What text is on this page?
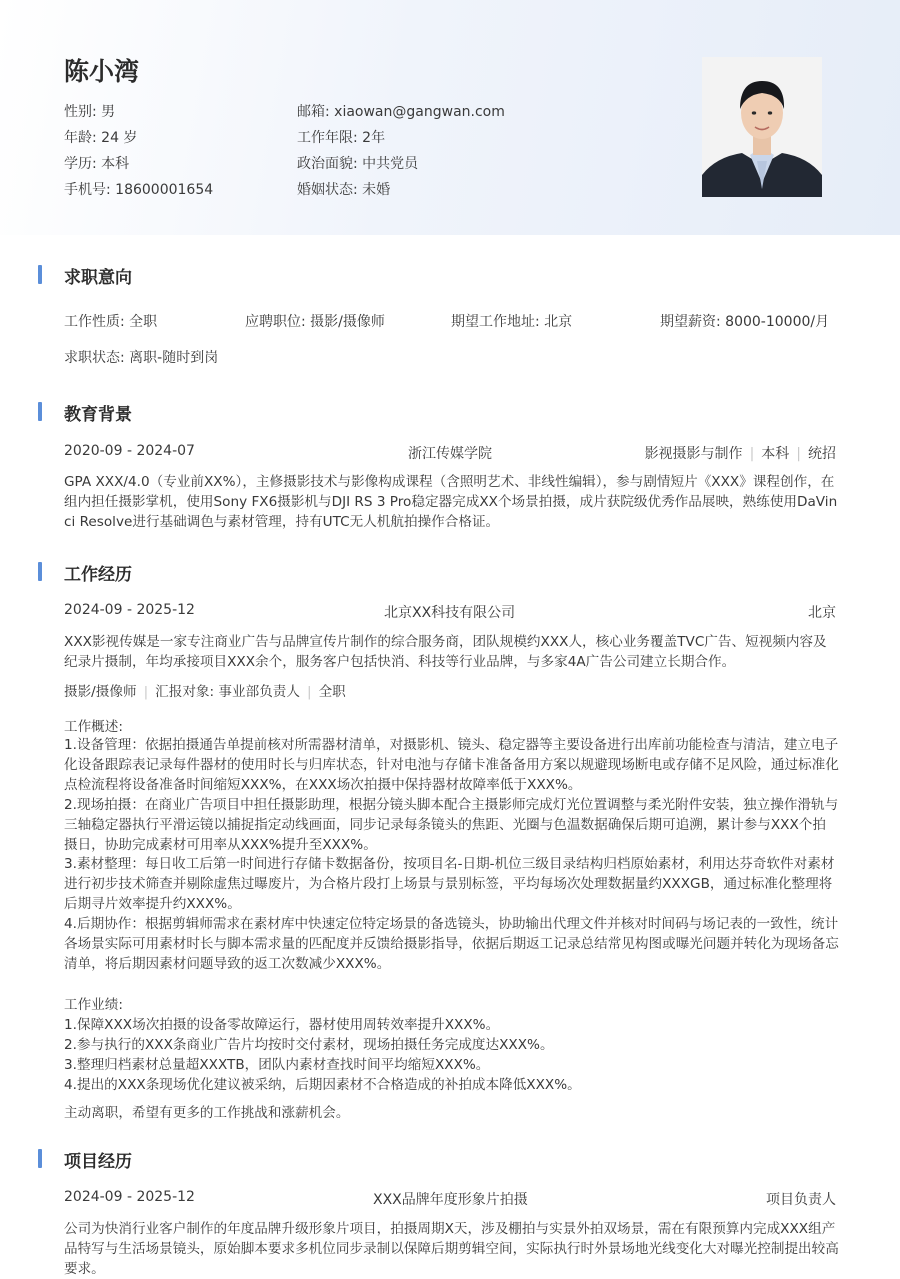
陈小湾
性别: 男
年龄: 24 岁
学历: 本科
手机号: 18600001654
邮箱: xiaowan@gangwan.com
工作年限: 2年
政治面貌: 中共党员
婚姻状态: 未婚
求职意向
工作性质: 全职	应聘职位: 摄影/摄像师	期望工作地址: 北京	期望薪资: 8000-10000/月
求职状态: 离职-随时到岗
教育背景
2020-09 - 2024-07	浙江传媒学院	影视摄影与制作 | 本科 | 统招

GPA XXX/4.0（专业前XX%），主修摄影技术与影像构成课程（含照明艺术、非线性编辑），参与剧情短片《XXX》课程创作，在组内担任摄影掌机，使用Sony FX6摄影机与DJI RS 3 Pro稳定器完成XX个场景拍摄，成片获院级优秀作品展映，熟练使用DaVinci Resolve进行基础调色与素材管理，持有UTC无人机航拍操作合格证。

工作经历
2024-09 - 2025-12	北京XX科技有限公司	北京

XXX影视传媒是一家专注商业广告与品牌宣传片制作的综合服务商，团队规模约XXX人，核心业务覆盖TVC广告、短视频内容及纪录片摄制，年均承接项目XXX余个，服务客户包括快消、科技等行业品牌，与多家4A广告公司建立长期合作。

摄影/摄像师 | 汇报对象: 事业部负责人 | 全职
工作概述:

1.设备管理：依据拍摄通告单提前核对所需器材清单，对摄影机、镜头、稳定器等主要设备进行出库前功能检查与清洁，建立电子化设备跟踪表记录每件器材的使用时长与归库状态，针对电池与存储卡准备备用方案以规避现场断电或存储不足风险，通过标准化点检流程将设备准备时间缩短XXX%，在XXX场次拍摄中保持器材故障率低于XXX%。

2.现场拍摄：在商业广告项目中担任摄影助理，根据分镜头脚本配合主摄影师完成灯光位置调整与柔光附件安装，独立操作滑轨与三轴稳定器执行平滑运镜以捕捉指定动线画面，同步记录每条镜头的焦距、光圈与色温数据确保后期可追溯，累计参与XXX个拍摄日，协助完成素材可用率从XXX%提升至XXX%。

3.素材整理：每日收工后第一时间进行存储卡数据备份，按项目名-日期-机位三级目录结构归档原始素材，利用达芬奇软件对素材进行初步技术筛查并剔除虚焦过曝废片，为合格片段打上场景与景别标签，平均每场次处理数据量约XXXGB，通过标准化整理将后期寻片效率提升约XXX%。

4.后期协作：根据剪辑师需求在素材库中快速定位特定场景的备选镜头，协助输出代理文件并核对时间码与场记表的一致性，统计各场景实际可用素材时长与脚本需求量的匹配度并反馈给摄影指导，依据后期返工记录总结常见构图或曝光问题并转化为现场备忘清单，将后期因素材问题导致的返工次数减少XXX%。

工作业绩:
1.保障XXX场次拍摄的设备零故障运行，器材使用周转效率提升XXX%。
2.参与执行的XXX条商业广告片均按时交付素材，现场拍摄任务完成度达XXX%。
3.整理归档素材总量超XXXTB，团队内素材查找时间平均缩短XXX%。
4.提出的XXX条现场优化建议被采纳，后期因素材不合格造成的补拍成本降低XXX%。
主动离职，希望有更多的工作挑战和涨薪机会。
项目经历
2024-09 - 2025-12	XXX品牌年度形象片拍摄	项目负责人

公司为快消行业客户制作的年度品牌升级形象片项目，拍摄周期X天，涉及棚拍与实景外拍双场景，需在有限预算内完成XXX组产品特写与生活场景镜头，原始脚本要求多机位同步录制以保障后期剪辑空间，实际执行时外景场地光线变化大对曝光控制提出较高要求。
